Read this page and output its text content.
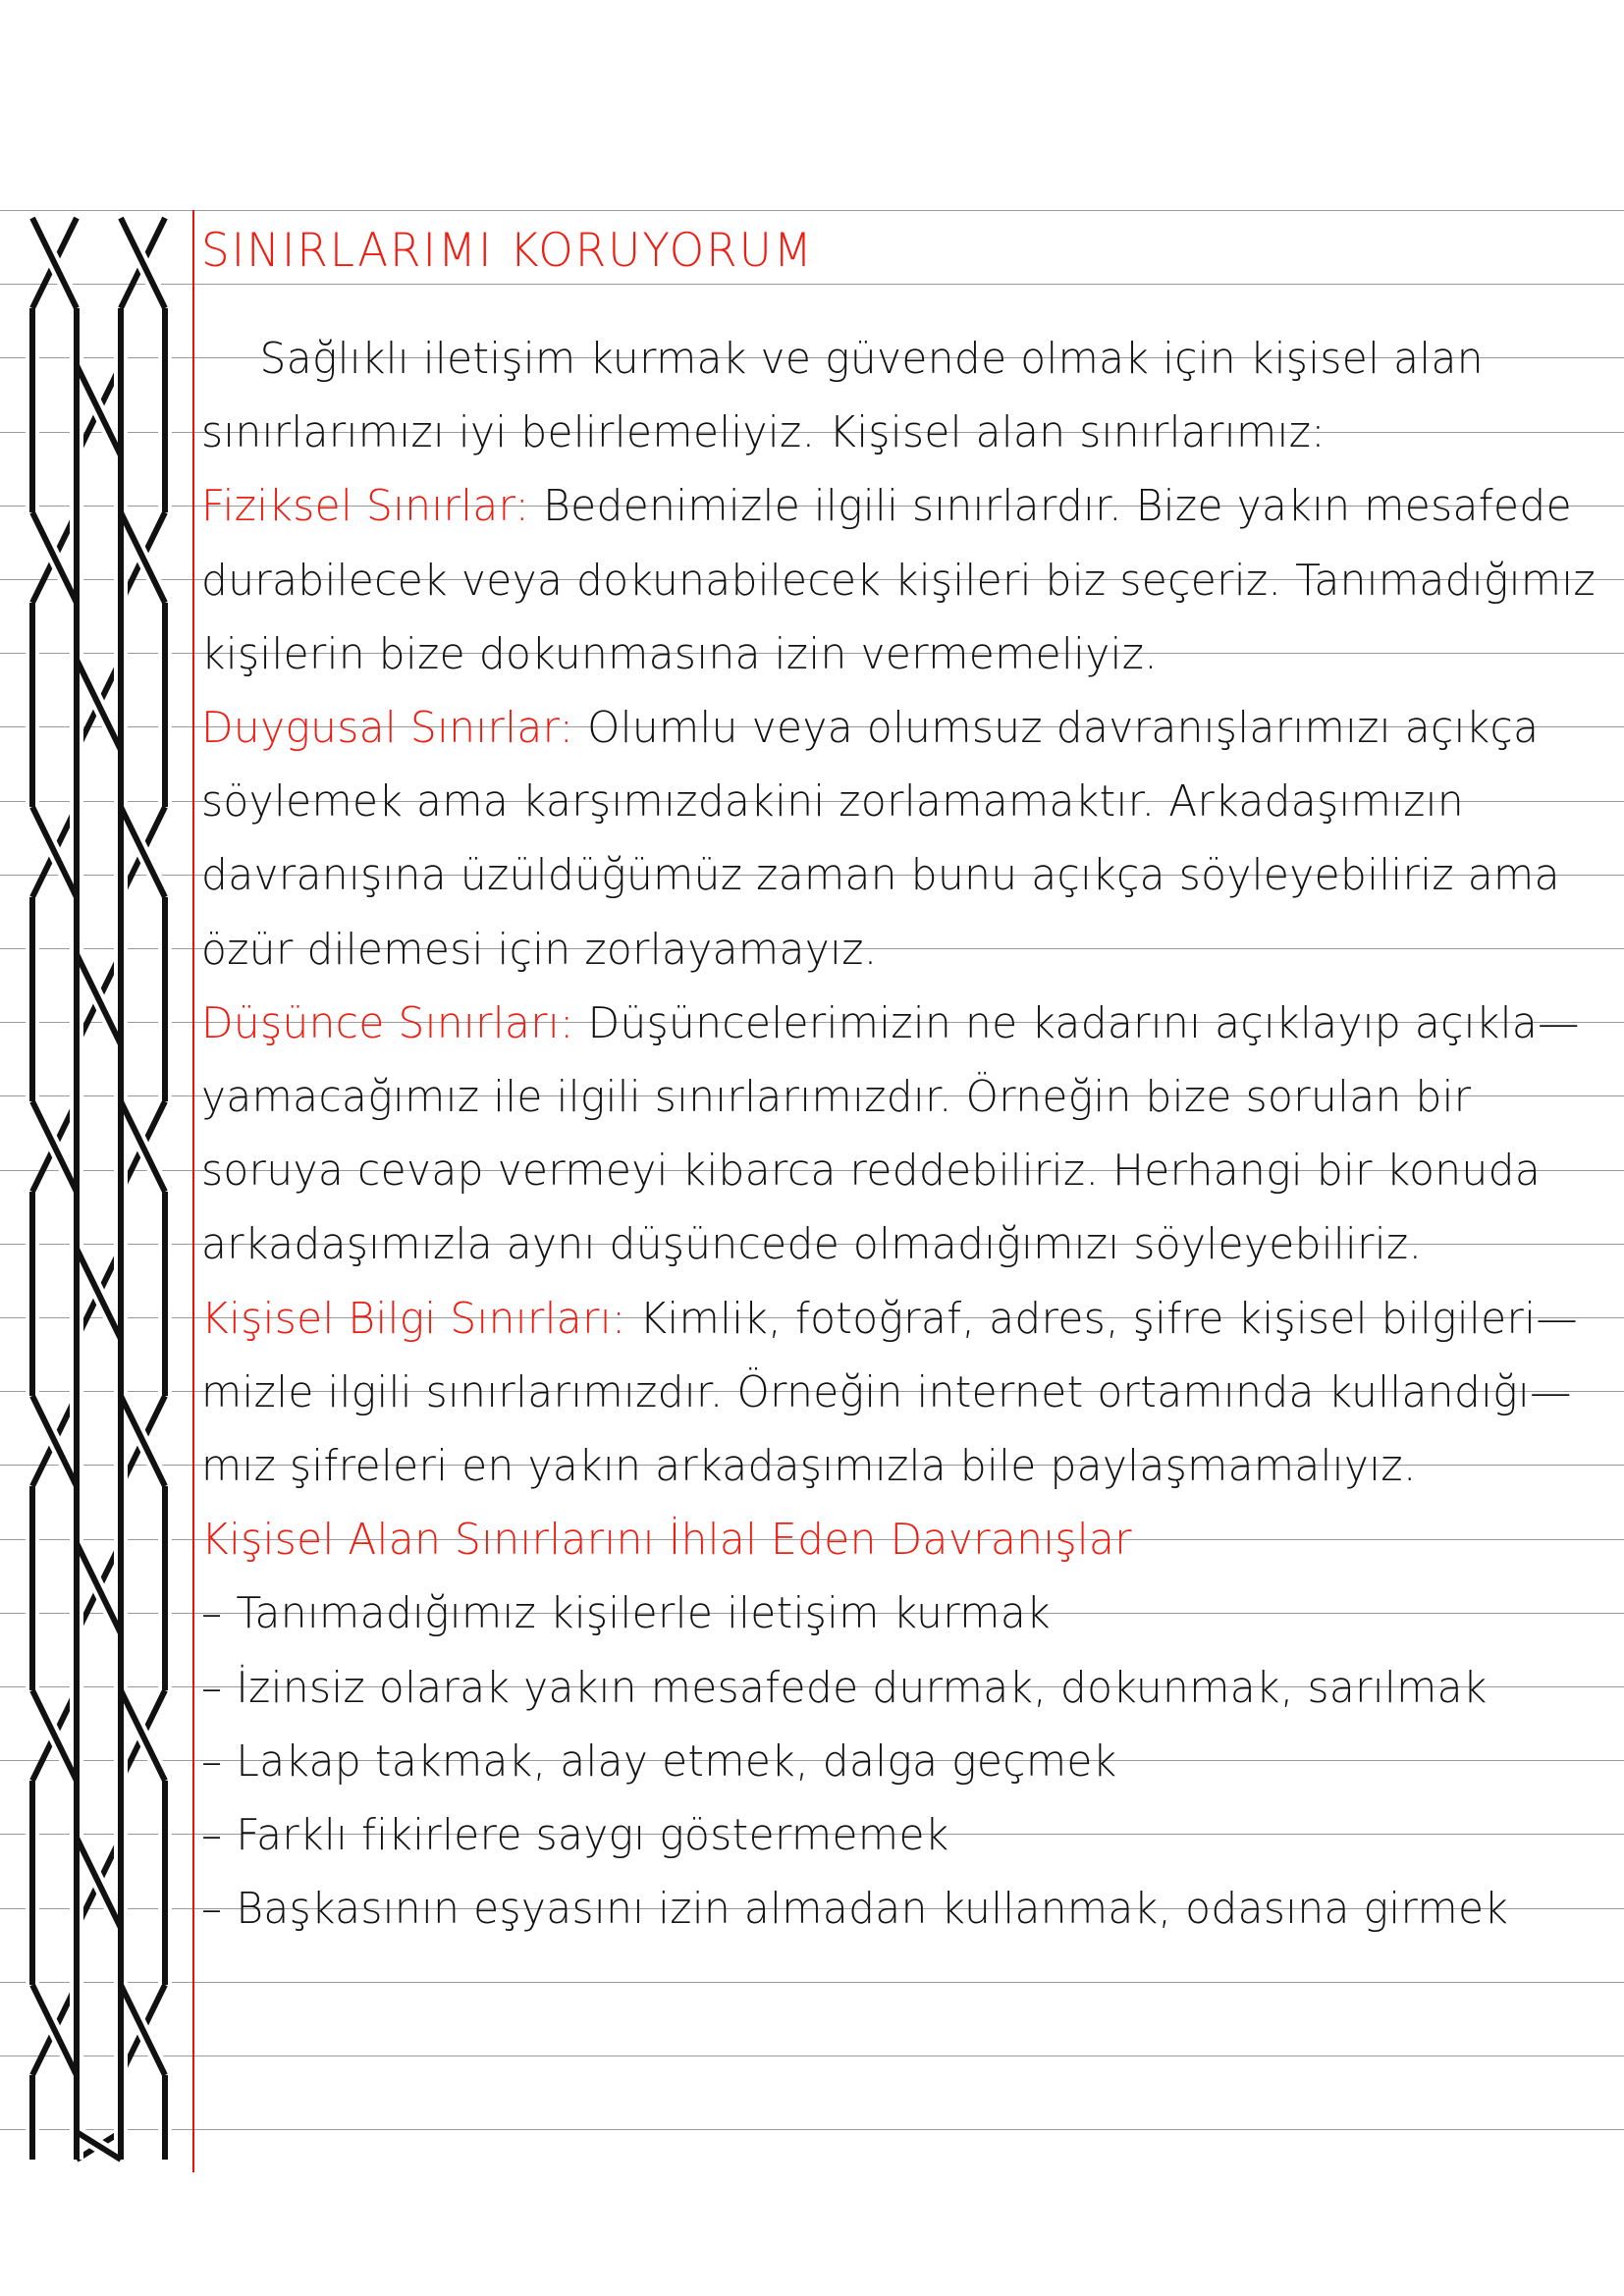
SINIRLARIMI KORUYORUM
Sağlıklı iletişim kurmak ve güvende olmak için kişisel alan
sınırlarımızı iyi belirlemeliyiz. Kişisel alan sınırlarımız:
Fiziksel Sınırlar: Bedenimizle ilgili sınırlardır. Bize yakın mesafede
durabilecek veya dokunabilecek kişileri biz seçeriz. Tanımadığımız
kişilerin bize dokunmasına izin vermemeliyiz.
Duygusal Sınırlar: Olumlu veya olumsuz davranışlarımızı açıkça
söylemek ama karşımızdakini zorlamamaktır. Arkadaşımızın
davranışına üzüldüğümüz zaman bunu açıkça söyleyebiliriz ama
özür dilemesi için zorlayamayız.
Düşünce Sınırları: Düşüncelerimizin ne kadarını açıklayıp açıkla—
yamacağımız ile ilgili sınırlarımızdır. Örneğin bize sorulan bir
soruya cevap vermeyi kibarca reddebiliriz. Herhangi bir konuda
arkadaşımızla aynı düşüncede olmadığımızı söyleyebiliriz.
Kişisel Bilgi Sınırları: Kimlik, fotoğraf, adres, şifre kişisel bilgileri—
mizle ilgili sınırlarımızdır. Örneğin internet ortamında kullandığı—
mız şifreleri en yakın arkadaşımızla bile paylaşmamalıyız.
Kişisel Alan Sınırlarını İhlal Eden Davranışlar
– Tanımadığımız kişilerle iletişim kurmak
– İzinsiz olarak yakın mesafede durmak, dokunmak, sarılmak
– Lakap takmak, alay etmek, dalga geçmek
– Farklı fikirlere saygı göstermemek
– Başkasının eşyasını izin almadan kullanmak, odasına girmek
